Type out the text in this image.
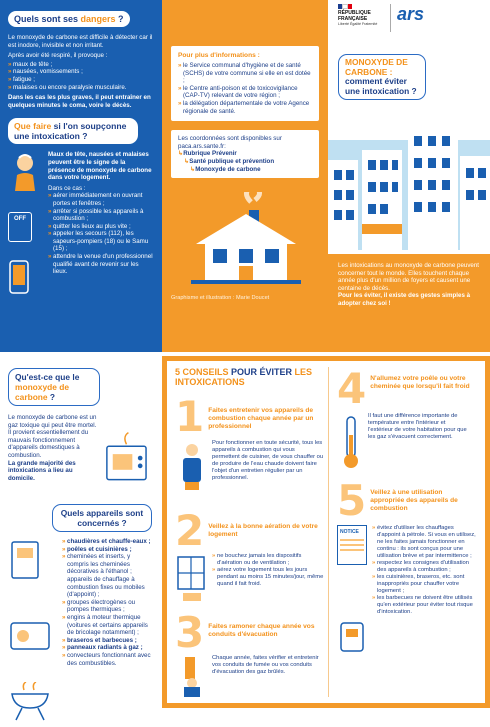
Quels sont ses dangers ?

Le monoxyde de carbone est difficile à détecter car il est inodore, invisible et non irritant.

Après avoir été respiré, il provoque :

» maux de tête ;
» nausées, vomissements ;
» fatigue ;
» malaises ou encore paralysie musculaire.

Dans les cas les plus graves, il peut entraîner en quelques minutes le coma, voire le décès.

Que faire si l'on soupçonne une intoxication ?
OFF

Maux de tête, nausées et malaises peuvent être le signe de la présence de monoxyde de carbone dans votre logement.

Dans ce cas :

» aérer immédiatement en ouvrant portes et fenêtres ;
» arrêter si possible les appareils à combustion ;
» quitter les lieux au plus vite ;
» appeler les secours (112), les sapeurs-pompiers (18) ou le Samu (15) ;
» attendre la venue d'un professionnel qualifié avant de revenir sur les lieux.

Pour plus d'informations :

» le Service communal d'hygiène et de santé (SCHS) de votre commune si elle en est dotée ;
» le Centre anti-poison et de toxicovigilance (CAP-TV) relevant de votre région ;
» la délégation départementale de votre Agence régionale de santé.

Les coordonnées sont disponibles sur paca.ars.sante.fr:

↳Rubrique Prévenir

↳Santé publique et prévention

↳Monoxyde de carbone

Graphisme et illustration : Marie Doucet

RÉPUBLIQUE FRANÇAISE

Liberté Égalité Fraternité	ars

MONOXYDE DE CARBONE :

comment éviter une intoxication ?

Les intoxications au monoxyde de carbone peuvent concerner tout le monde. Elles touchent chaque année plus d'un million de foyers et causent une centaine de décès.

Pour les éviter, il existe des gestes simples à adopter chez soi !

Qu'est-ce que le monoxyde de carbone ?

Le monoxyde de carbone est un gaz toxique qui peut être mortel. Il provient essentiellement du mauvais fonctionnement d'appareils domestiques à combustion.

La grande majorité des intoxications a lieu au domicile.

Quels appareils sont concernés ?

» chaudières et chauffe-eaux ;
» poêles et cuisinières ;
» cheminées et inserts, y compris les cheminées décoratives à l'éthanol ; appareils de chauffage à combustion fixes ou mobiles (d'appoint) ;
» groupes électrogènes ou pompes thermiques ;
» engins à moteur thermique (voitures et certains appareils de bricolage notamment) ;
» braseros et barbecues ;
» panneaux radiants à gaz ;
» convecteurs fonctionnant avec des combustibles.

5 CONSEILS POUR ÉVITER LES INTOXICATIONS

1 Faites entretenir vos appareils de combustion chaque année par un professionnel

Pour fonctionner en toute sécurité, tous les appareils à combustion qui vous permettent de cuisiner, de vous chauffer ou de produire de l'eau chaude doivent faire l'objet d'un entretien régulier par un professionnel.

2 Veillez à la bonne aération de votre logement

» ne bouchez jamais les dispositifs d'aération ou de ventilation ;
» aérez votre logement tous les jours pendant au moins 15 minutes/jour, même quand il fait froid.
3 Faites ramoner chaque année vos conduits d'évacuation

Chaque année, faites vérifier et entretenir vos conduits de fumée ou vos conduits d'évacuation des gaz brûlés.

4 N'allumez votre poêle ou votre cheminée que lorsqu'il fait froid

Il faut une différence importante de température entre l'intérieur et l'extérieur de votre habitation pour que les gaz s'évacuent correctement.

5 Veillez à une utilisation appropriée des appareils de combustion

NOTICE
» évitez d'utiliser les chauffages d'appoint à pétrole. Si vous en utilisez, ne les faites jamais fonctionner en continu : ils sont conçus pour une utilisation brève et par intermittence ;
» respectez les consignes d'utilisation des appareils à combustion ;
» les cuisinières, braseros, etc. sont inappropriés pour chauffer votre logement ;
» les barbecues ne doivent être utilisés qu'en extérieur pour éviter tout risque d'intoxication.
